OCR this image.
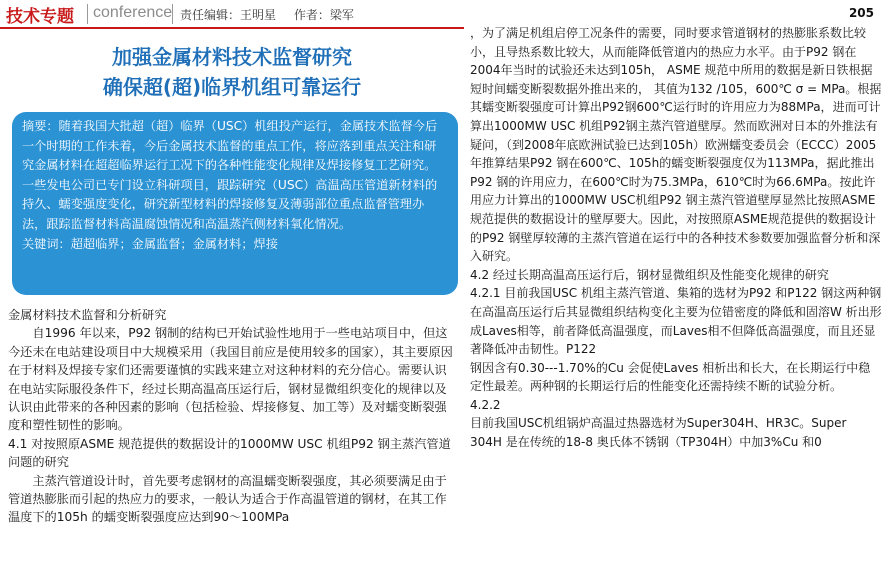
技术专题 conference 责任编辑：王明星 作者：梁军	205
加强金属材料技术监督研究
确保超(超)临界机组可靠运行

摘要：随着我国大批超（超）临界（USC）机组投产运行，金属技术监督今后一个时期的工作未着，今后金属技术监督的重点工作，将应落到重点关注和研究金属材料在超超临界运行工况下的各种性能变化规律及焊接修复工艺研究。一些发电公司已专门设立科研项目，跟踪研究（USC）高温高压管道新材料的持久、蠕变强度变化，研究新型材料的焊接修复及薄弱部位重点监督管理办法，跟踪监督材料高温腐蚀情况和高温蒸汽侧材料氧化情况。

关键词：超超临界；金属监督；金属材料；焊接

金属材料技术监督和分析研究

自1996 年以来，P92 钢制的结构已开始试验性地用于一些电站项目中，但这今还未在电站建设项目中大规模采用（我国目前应是使用较多的国家），其主要原因在于材料及焊接专家们还需要谨慎的实践来建立对这种材料的充分信心。需要认识在电站实际服役条件下，经过长期高温高压运行后，钢材显微组织变化的规律以及认识由此带来的各种因素的影响（包括检验、焊接修复、加工等）及对蠕变断裂强度和塑性韧性的影响。

4.1 对按照原ASME 规范提供的数据设计的1000MW USC 机组P92 钢主蒸汽管道问题的研究

主蒸汽管道设计时，首先要考虑钢材的高温蠕变断裂强度，其必须要满足由于管道热膨胀而引起的热应力的要求，一般认为适合于作高温管道的钢材，在其工作温度下的105h 的蠕变断裂强度应达到90～100MPa

，为了满足机组启停工况条件的需要，同时要求管道钢材的热膨胀系数比较小，且导热系数比较大，从而能降低管道内的热应力水平。由于P92 钢在2004年当时的试验还未达到105h， ASME 规范中所用的数据是新日铁根据短时间蠕变断裂数据外推出来的， 其值为132 /105，600℃ σ = MPa。根据其蠕变断裂强度可计算出P92钢600℃运行时的许用应力为88MPa，进而可计算出1000MW USC 机组P92钢主蒸汽管道壁厚。然而欧洲对日本的外推法有疑问，（到2008年底欧洲试验已达到105h）欧洲蠕变委员会（ECCC）2005年推算结果P92 钢在600℃、105h的蠕变断裂强度仅为113MPa，据此推出P92 钢的许用应力，在600℃时为75.3MPa，610℃时为66.6MPa。按此许用应力计算出的1000MW USC机组P92 钢主蒸汽管道壁厚显然比按照ASME规范提供的数据设计的壁厚要大。因此，对按照原ASME规范提供的数据设计的P92 钢壁厚较薄的主蒸汽管道在运行中的各种技术参数要加强监督分析和深入研究。

4.2 经过长期高温高压运行后，钢材显微组织及性能变化规律的研究

4.2.1 目前我国USC 机组主蒸汽管道、集箱的选材为P92 和P122 钢这两种钢在高温高压运行后其显微组织结构变化主要为位错密度的降低和固溶W 析出形成Laves相等，前者降低高温强度，而Laves相不但降低高温强度，而且还显著降低冲击韧性。P122

钢因含有0.30---1.70%的Cu 会促使Laves 相析出和长大，在长期运行中稳定性最差。两种钢的长期运行后的性能变化还需持续不断的试验分析。

4.2.2

目前我国USC机组锅炉高温过热器选材为Super304H、HR3C。Super 304H 是在传统的18-8 奥氏体不锈钢（TP304H）中加3%Cu 和0
